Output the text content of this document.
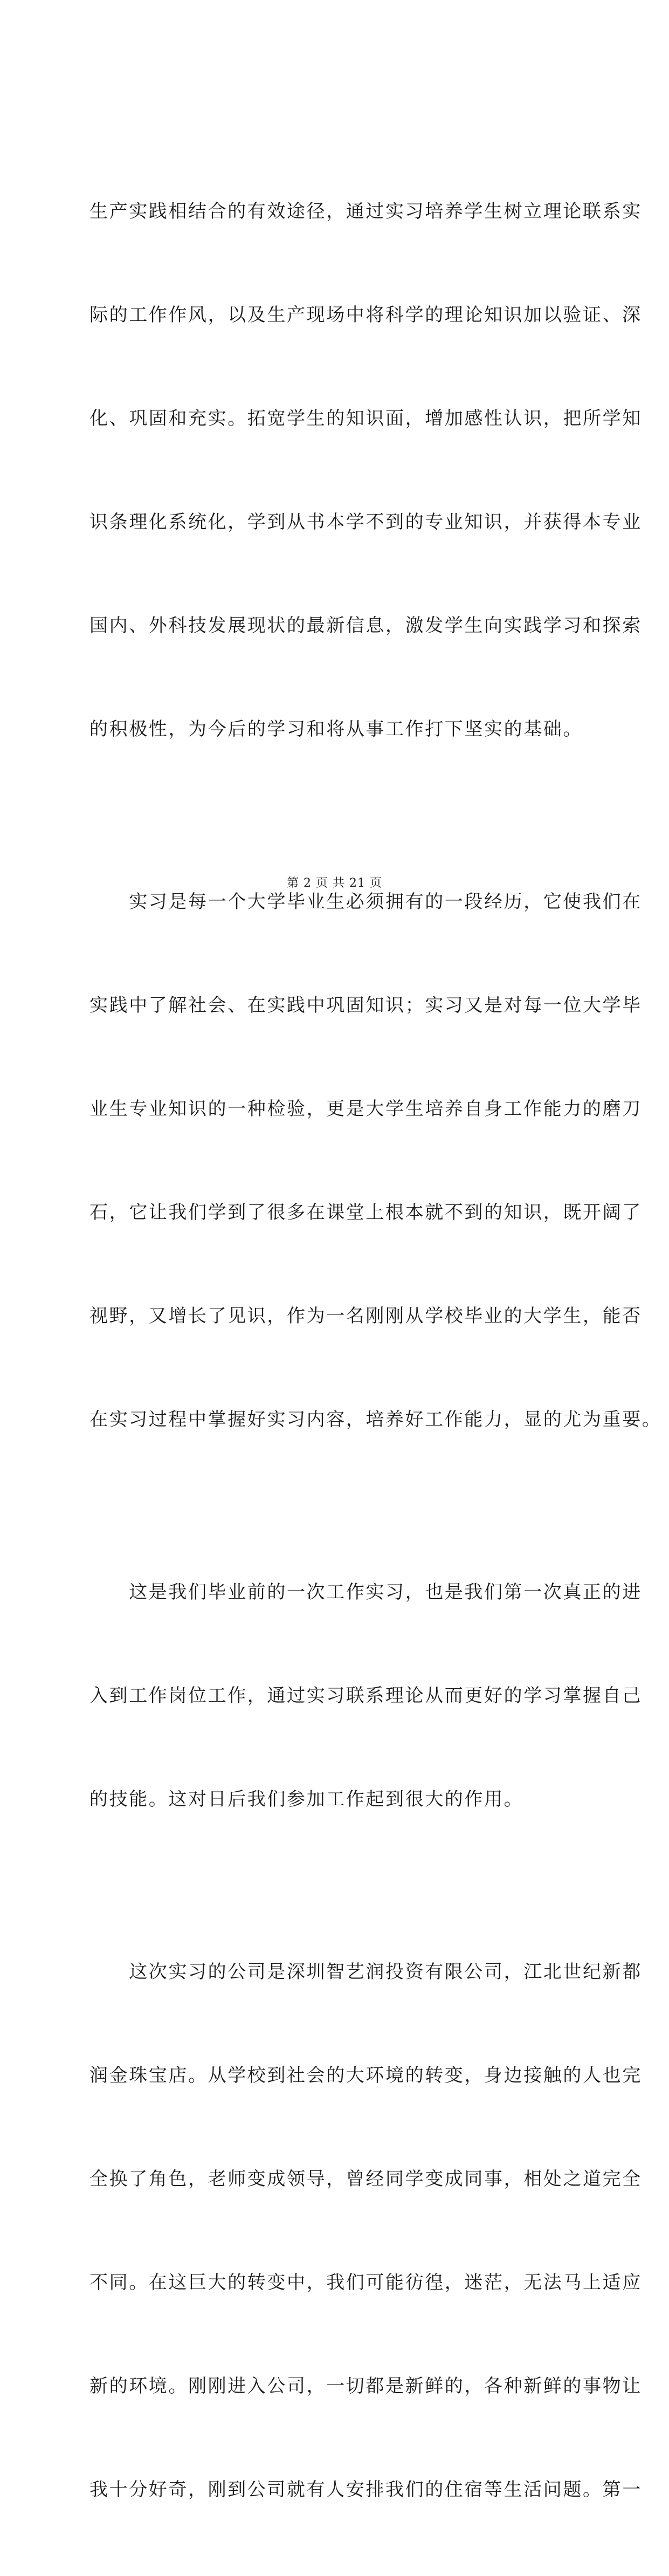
生产实践相结合的有效途径，通过实习培养学生树立理论联系实

际的工作作风，以及生产现场中将科学的理论知识加以验证、深

化、巩固和充实。拓宽学生的知识面，增加感性认识，把所学知

识条理化系统化，学到从书本学不到的专业知识，并获得本专业

国内、外科技发展现状的最新信息，激发学生向实践学习和探索

的积极性，为今后的学习和将从事工作打下坚实的基础。

　　实习是每一个大学毕业生必须拥有的一段经历，它使我们在

实践中了解社会、在实践中巩固知识；实习又是对每一位大学毕

业生专业知识的一种检验，更是大学生培养自身工作能力的磨刀

石，它让我们学到了很多在课堂上根本就不到的知识，既开阔了

视野，又增长了见识，作为一名刚刚从学校毕业的大学生，能否

在实习过程中掌握好实习内容，培养好工作能力，显的尤为重要。

　　这是我们毕业前的一次工作实习，也是我们第一次真正的进

入到工作岗位工作，通过实习联系理论从而更好的学习掌握自己

的技能。这对日后我们参加工作起到很大的作用。

　　这次实习的公司是深圳智艺润投资有限公司，江北世纪新都

润金珠宝店。从学校到社会的大环境的转变，身边接触的人也完

全换了角色，老师变成领导，曾经同学变成同事，相处之道完全

不同。在这巨大的转变中，我们可能彷徨，迷茫，无法马上适应

新的环境。刚刚进入公司，一切都是新鲜的，各种新鲜的事物让

我十分好奇，刚到公司就有人安排我们的住宿等生活问题。第一

第 2 页 共 21 页
